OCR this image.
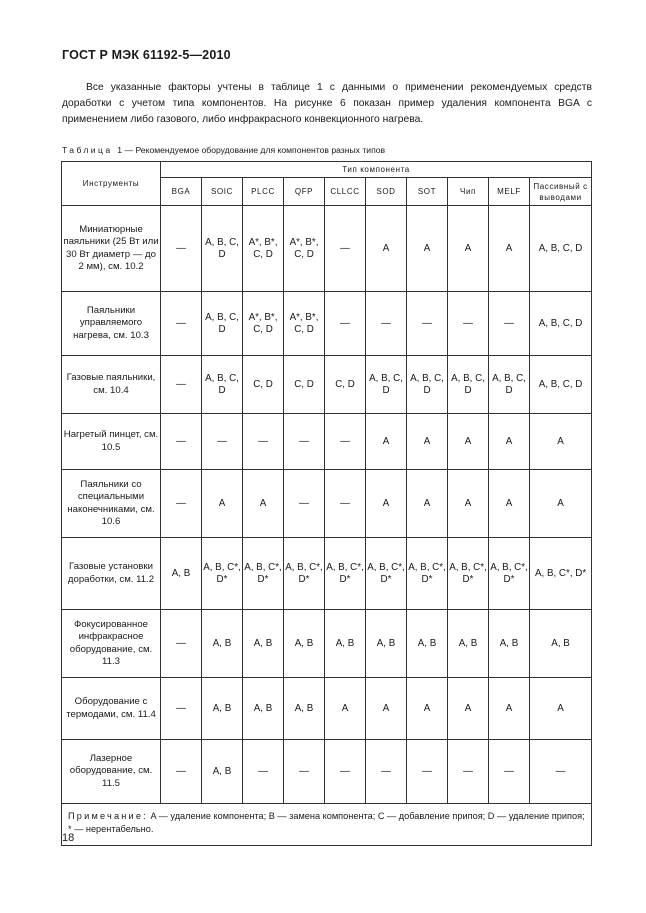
ГОСТ Р МЭК 61192-5—2010
Все указанные факторы учтены в таблице 1 с данными о применении рекомендуемых средств доработки с учетом типа компонентов. На рисунке 6 показан пример удаления компонента BGA с применением либо газового, либо инфракрасного конвекционного нагрева.
Таблица 1— Рекомендуемое оборудование для компонентов разных типов
Инструменты	Тип компонента									
	BGA	SOIC	PLCC	QFP	CLLCC	SOD	SOT	Чип	MELF	Пассивный с выводами
Миниатюрные паяльники (25 Вт или 30 Вт диаметр — до 2 мм), см. 10.2	—	A, B, C, D	A*, B*, C, D	A*, B*, C, D	—	A	A	A	A	A, B, C, D
Паяльники управляемого нагрева, см. 10.3	—	A, B, C, D	A*, B*, C, D	A*, B*, C, D	—	—	—	—	—	A, B, C, D
Газовые паяльники, см. 10.4	—	A, B, C, D	C, D	C, D	C, D	A, B, C, D	A, B, C, D	A, B, C, D	A, B, C, D	A, B, C, D
Нагретый пинцет, см. 10.5	—	—	—	—	—	A	A	A	A	A
Паяльники со специальными наконечниками, см. 10.6	—	A	A	—	—	A	A	A	A	A
Газовые установки доработки, см. 11.2	A, B	A, B, C*, D*	A, B, C*, D*	A, B, C*, D*	A, B, C*, D*	A, B, C*, D*	A, B, C*, D*	A, B, C*, D*	A, B, C*, D*	A, B, C*, D*
Фокусированное инфракрасное оборудование, см. 11.3	—	A, B	A, B	A, B	A, B	A, B	A, B	A, B	A, B	A, B
Оборудование с термодами, см. 11.4	—	A, B	A, B	A, B	A	A	A	A	A	A
Лазерное оборудование, см. 11.5	—	A, B	—	—	—	—	—	—	—	—
Примечание: A — удаление компонента; B — замена компонента; C — добавление припоя; D — удаление припоя; * — нерентабельно.										
18
